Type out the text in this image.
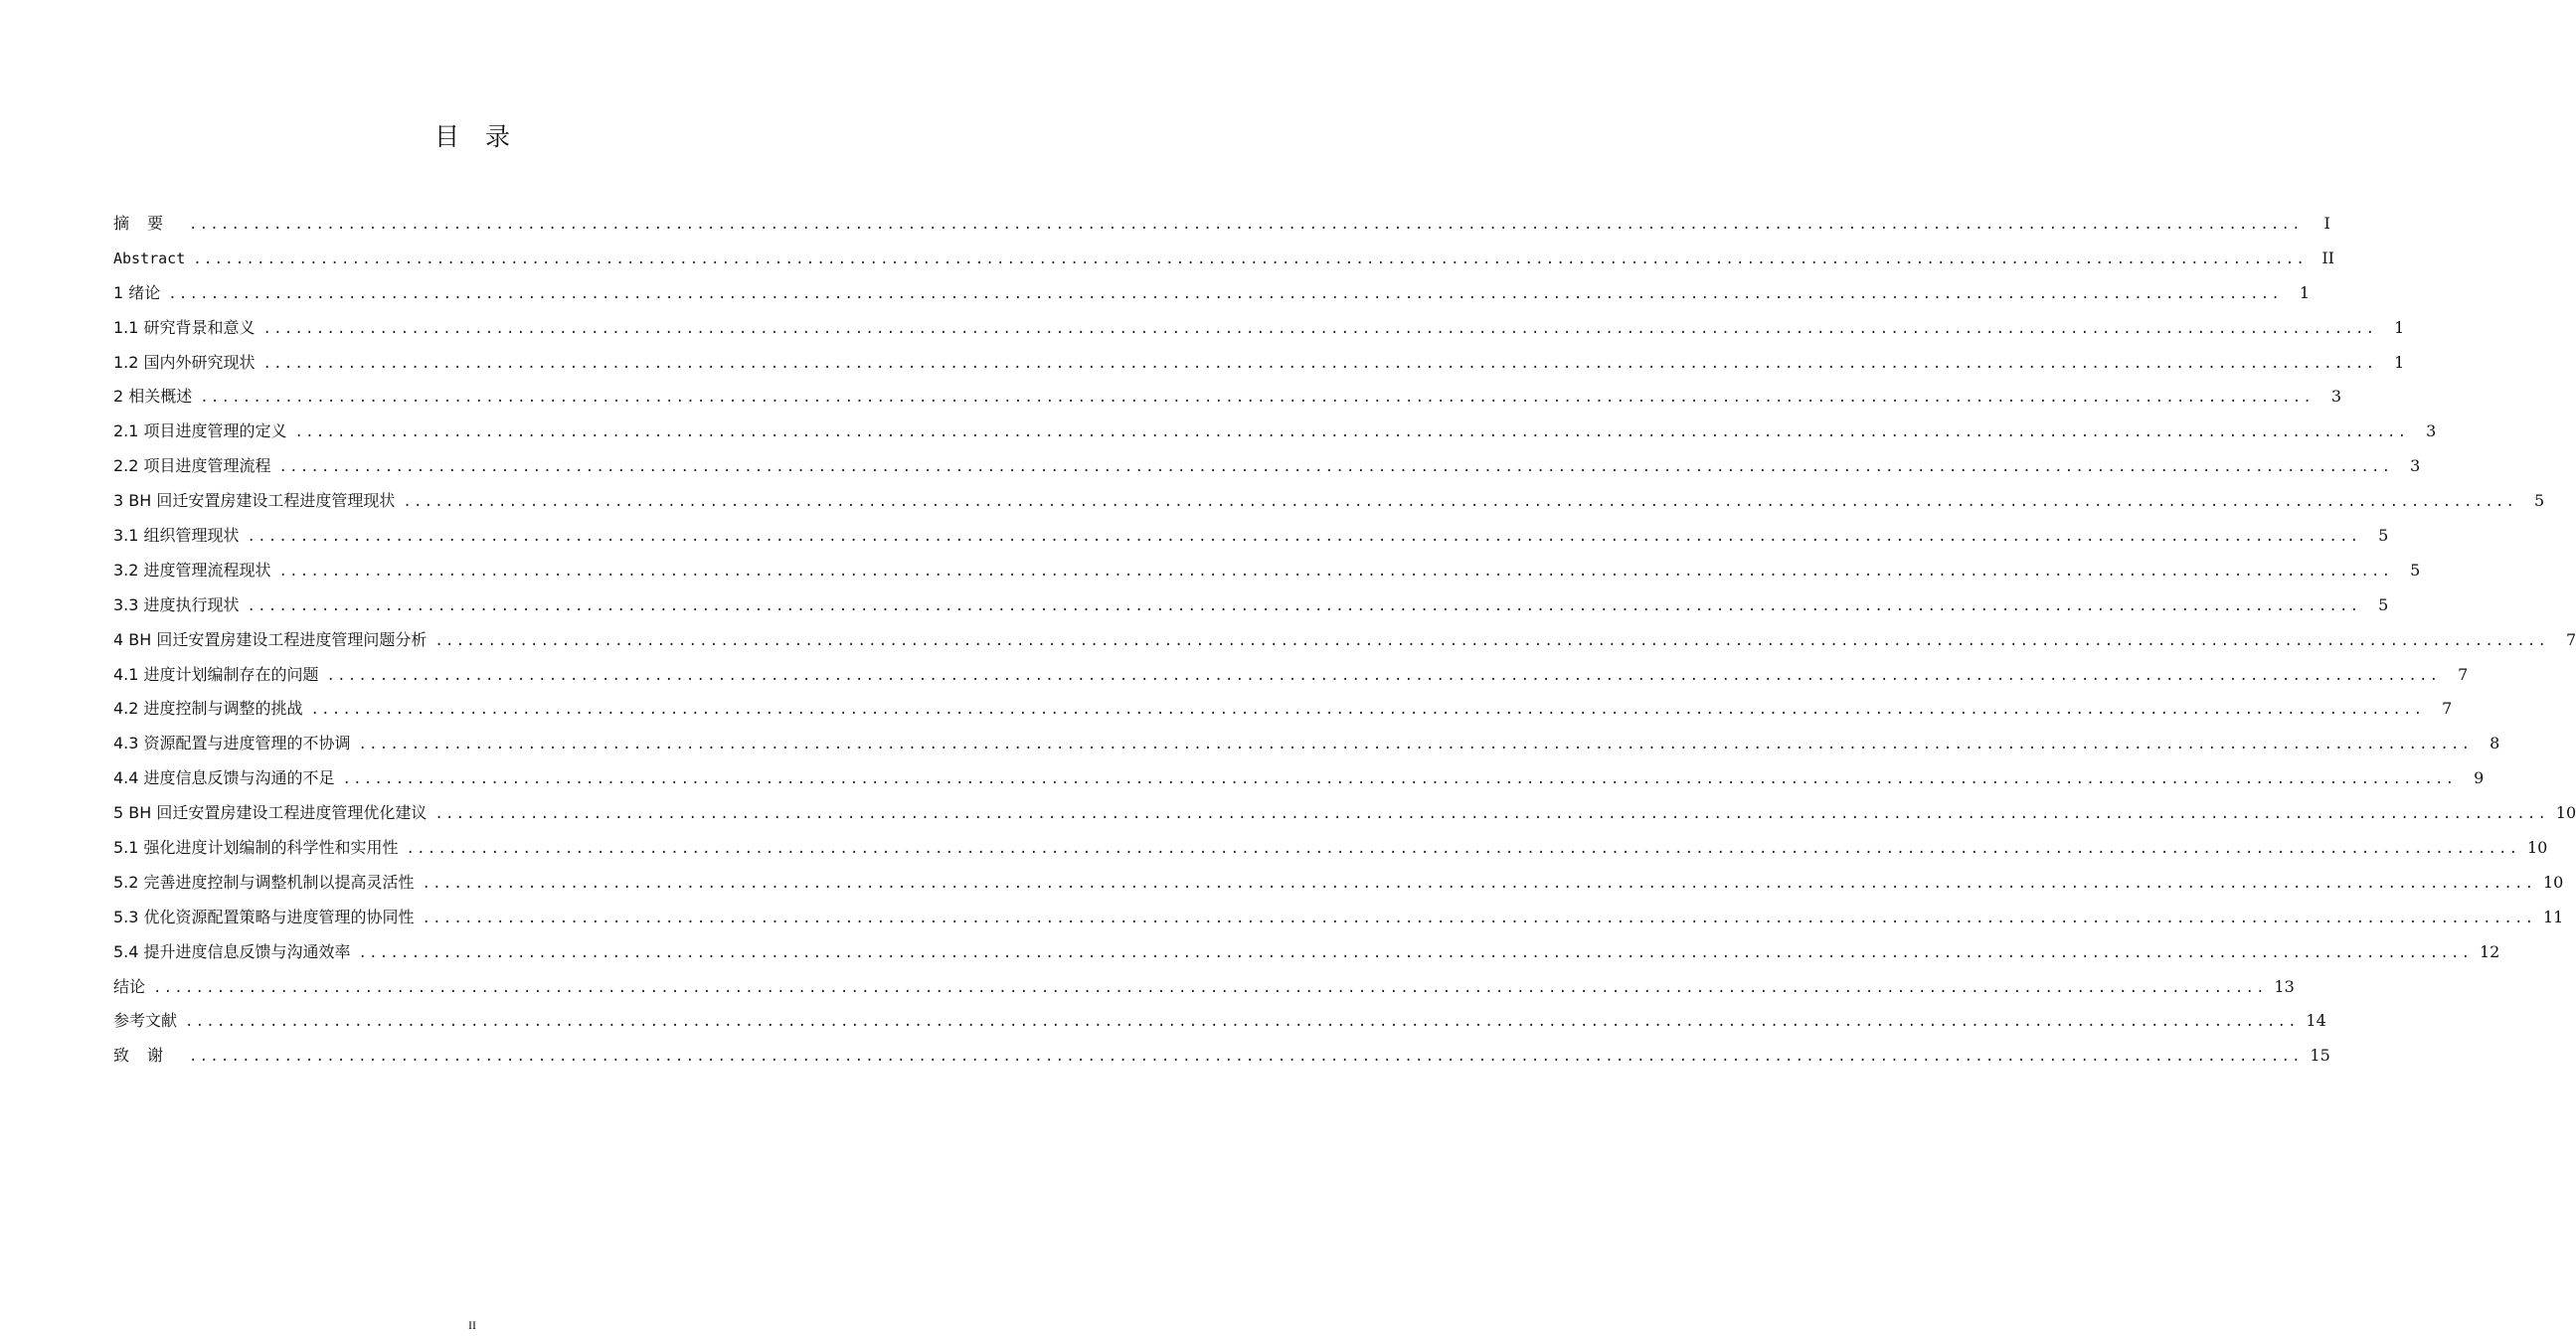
目录
摘要 ........................................................................................................................................................................................................	I
Abstract ........................................................................................................................................................................................................ II
1 绪论 ........................................................................................................................................................................................................	1
1.1 研究背景和意义 ........................................................................................................................................................................................................	1
1.2 国内外研究现状 ........................................................................................................................................................................................................	1
2 相关概述 ........................................................................................................................................................................................................	3
2.1 项目进度管理的定义 ........................................................................................................................................................................................................	3
2.2 项目进度管理流程 ........................................................................................................................................................................................................	3
3 BH 回迁安置房建设工程进度管理现状 ........................................................................................................................................................................................................	5
3.1 组织管理现状 ........................................................................................................................................................................................................	5
3.2 进度管理流程现状 ........................................................................................................................................................................................................	5
3.3 进度执行现状 ........................................................................................................................................................................................................	5
4 BH 回迁安置房建设工程进度管理问题分析 ........................................................................................................................................................................................................	7
4.1 进度计划编制存在的问题 ........................................................................................................................................................................................................	7
4.2 进度控制与调整的挑战 ........................................................................................................................................................................................................	7
4.3 资源配置与进度管理的不协调 ........................................................................................................................................................................................................	8
4.4 进度信息反馈与沟通的不足 ........................................................................................................................................................................................................	9
5 BH 回迁安置房建设工程进度管理优化建议 ........................................................................................................................................................................................................ 10
5.1 强化进度计划编制的科学性和实用性 ........................................................................................................................................................................................................ 10
5.2 完善进度控制与调整机制以提高灵活性 ........................................................................................................................................................................................................ 10
5.3 优化资源配置策略与进度管理的协同性 ........................................................................................................................................................................................................ 11
5.4 提升进度信息反馈与沟通效率 ........................................................................................................................................................................................................ 12
结论 ........................................................................................................................................................................................................ 13
参考文献 ........................................................................................................................................................................................................ 14
致谢 ........................................................................................................................................................................................................ 15
II
